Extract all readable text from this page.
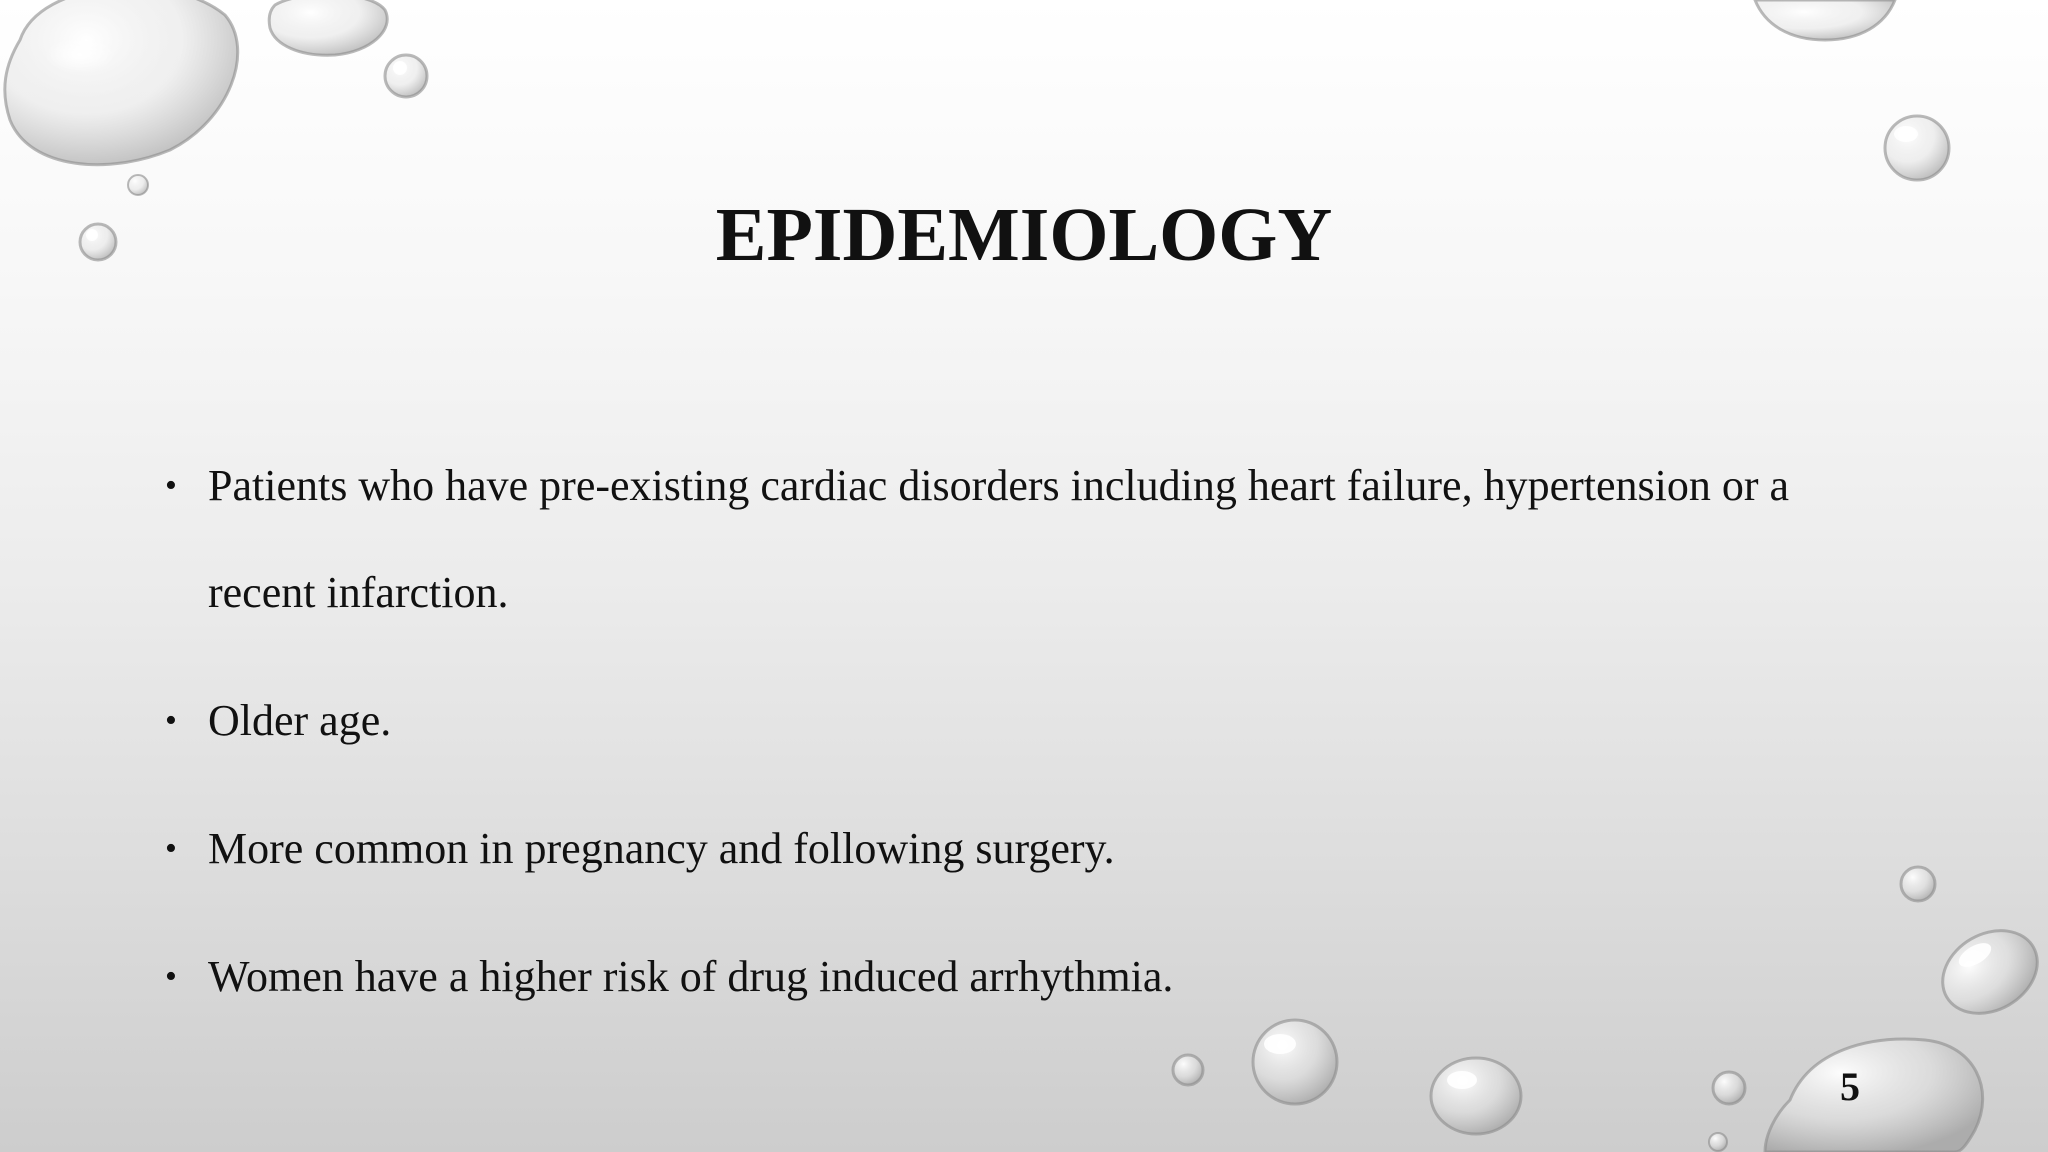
EPIDEMIOLOGY
• Patients who have pre-existing cardiac disorders including heart failure, hypertension or a recent infarction.
• Older age.
• More common in pregnancy and following surgery.
• Women have a higher risk of drug induced arrhythmia.
5
